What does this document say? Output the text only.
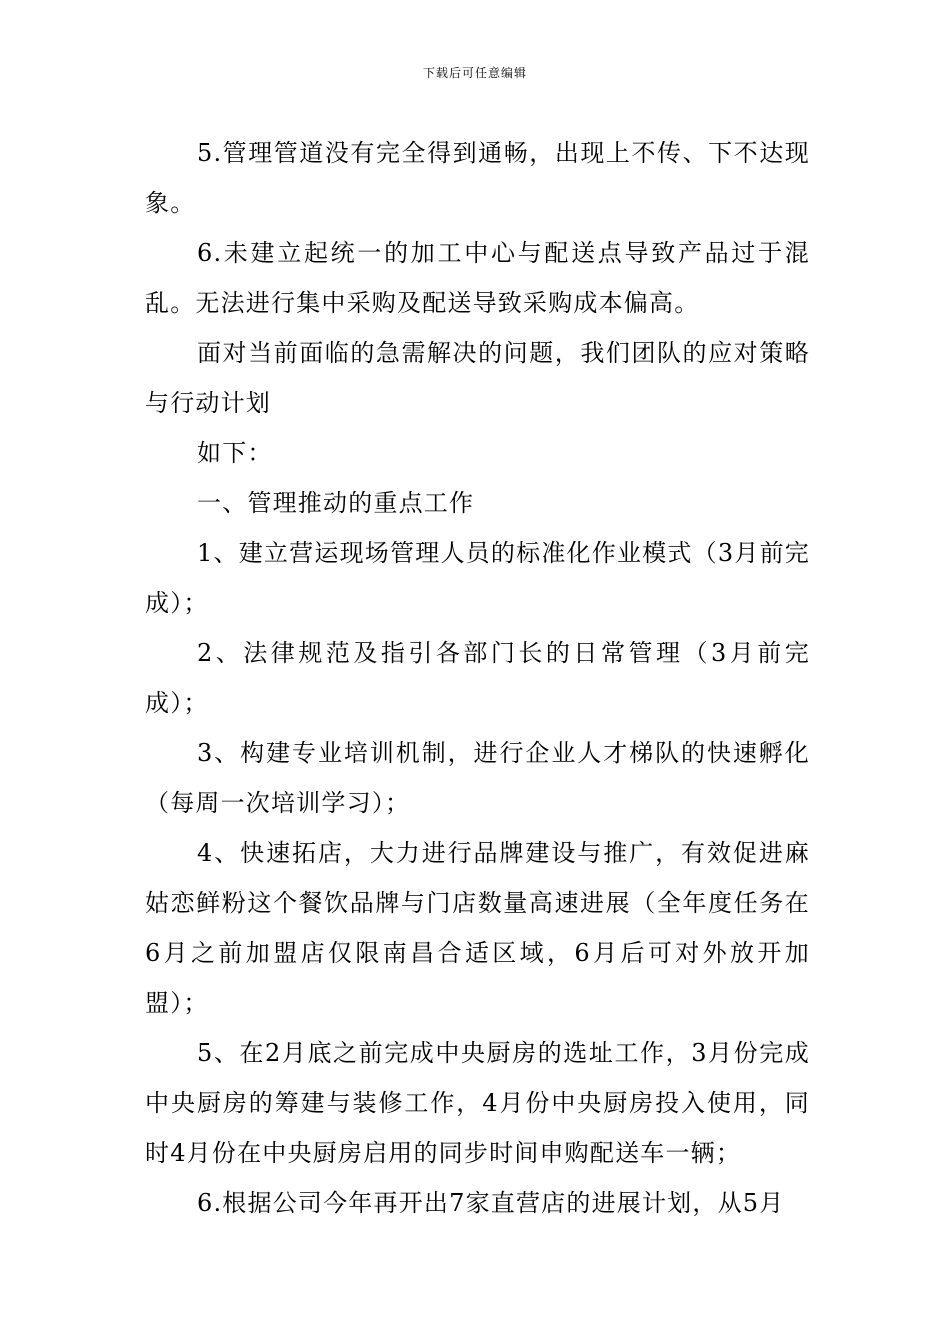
下载后可任意编辑

5.管理管道没有完全得到通畅，出现上不传、下不达现象。

6.未建立起统一的加工中心与配送点导致产品过于混乱。无法进行集中采购及配送导致采购成本偏高。

面对当前面临的急需解决的问题，我们团队的应对策略与行动计划

如下：

一、管理推动的重点工作

1、建立营运现场管理人员的标准化作业模式（3月前完成）；

2、法律规范及指引各部门长的日常管理（3月前完成）；

3、构建专业培训机制，进行企业人才梯队的快速孵化（每周一次培训学习）；

4、快速拓店，大力进行品牌建设与推广，有效促进麻姑恋鲜粉这个餐饮品牌与门店数量高速进展（全年度任务在6月之前加盟店仅限南昌合适区域，6月后可对外放开加盟）；

5、在2月底之前完成中央厨房的选址工作，3月份完成中央厨房的筹建与装修工作，4月份中央厨房投入使用，同时4月份在中央厨房启用的同步时间申购配送车一辆；

6.根据公司今年再开出7家直营店的进展计划，从5月
